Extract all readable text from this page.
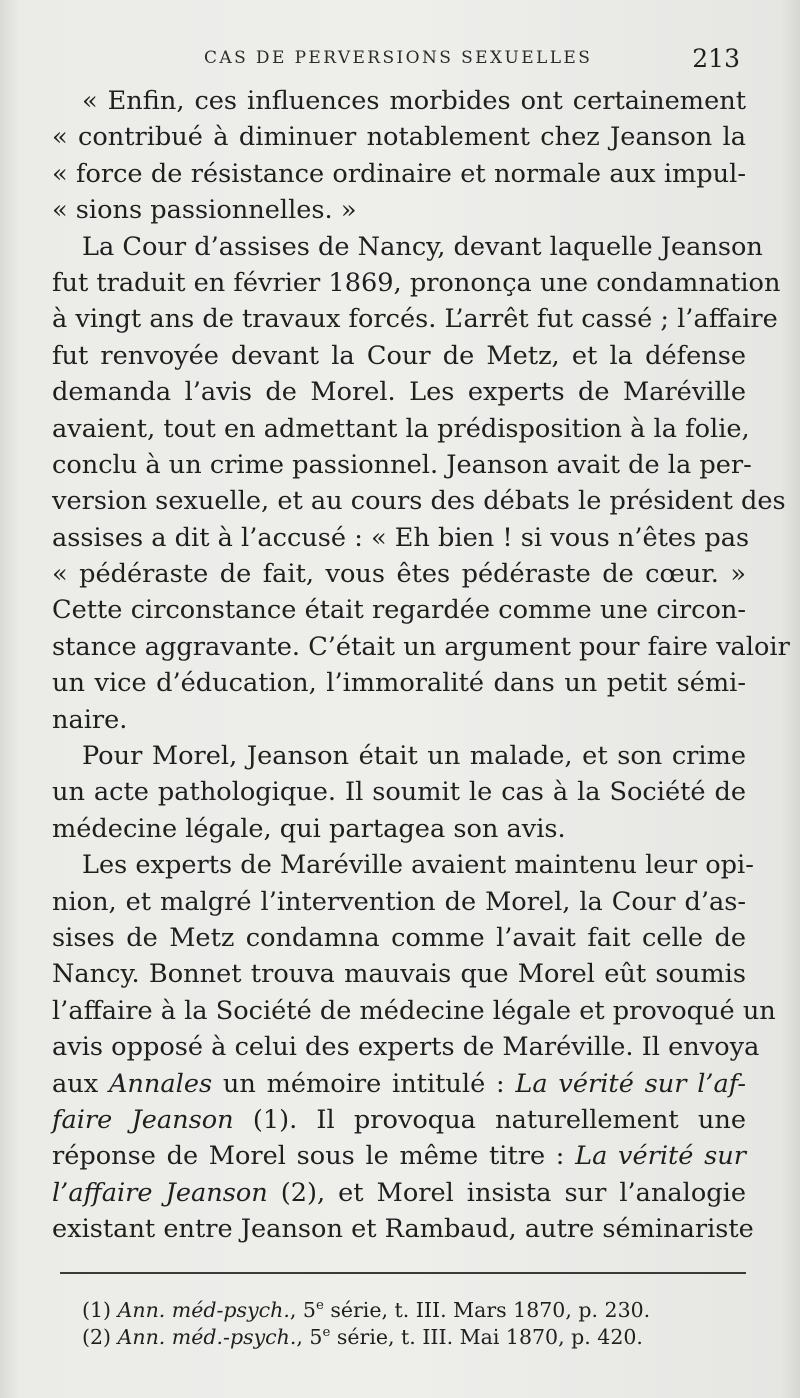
CAS DE PERVERSIONS SEXUELLES	213
« Enfin, ces influences morbides ont certainement
« contribué à diminuer notablement chez Jeanson la
« force de résistance ordinaire et normale aux impul-
« sions passionnelles. »
La Cour d’assises de Nancy, devant laquelle Jeanson
fut traduit en février 1869, prononça une condamnation
à vingt ans de travaux forcés. L’arrêt fut cassé ; l’affaire
fut renvoyée devant la Cour de Metz, et la défense
demanda l’avis de Morel. Les experts de Maréville
avaient, tout en admettant la prédisposition à la folie,
conclu à un crime passionnel. Jeanson avait de la per-
version sexuelle, et au cours des débats le président des
assises a dit à l’accusé : « Eh bien ! si vous n’êtes pas
« pédéraste de fait, vous êtes pédéraste de cœur. »
Cette circonstance était regardée comme une circon-
stance aggravante. C’était un argument pour faire valoir
un vice d’éducation, l’immoralité dans un petit sémi-
naire.
Pour Morel, Jeanson était un malade, et son crime
un acte pathologique. Il soumit le cas à la Société de
médecine légale, qui partagea son avis.
Les experts de Maréville avaient maintenu leur opi-
nion, et malgré l’intervention de Morel, la Cour d’as-
sises de Metz condamna comme l’avait fait celle de
Nancy. Bonnet trouva mauvais que Morel eût soumis
l’affaire à la Société de médecine légale et provoqué un
avis opposé à celui des experts de Maréville. Il envoya
aux Annales un mémoire intitulé : La vérité sur l’af-
faire Jeanson (1). Il provoqua naturellement une
réponse de Morel sous le même titre : La vérité sur
l’affaire Jeanson (2), et Morel insista sur l’analogie
existant entre Jeanson et Rambaud, autre séminariste
(1) Ann. méd-psych., 5e série, t. III. Mars 1870, p. 230.
(2) Ann. méd.-psych., 5e série, t. III. Mai 1870, p. 420.
